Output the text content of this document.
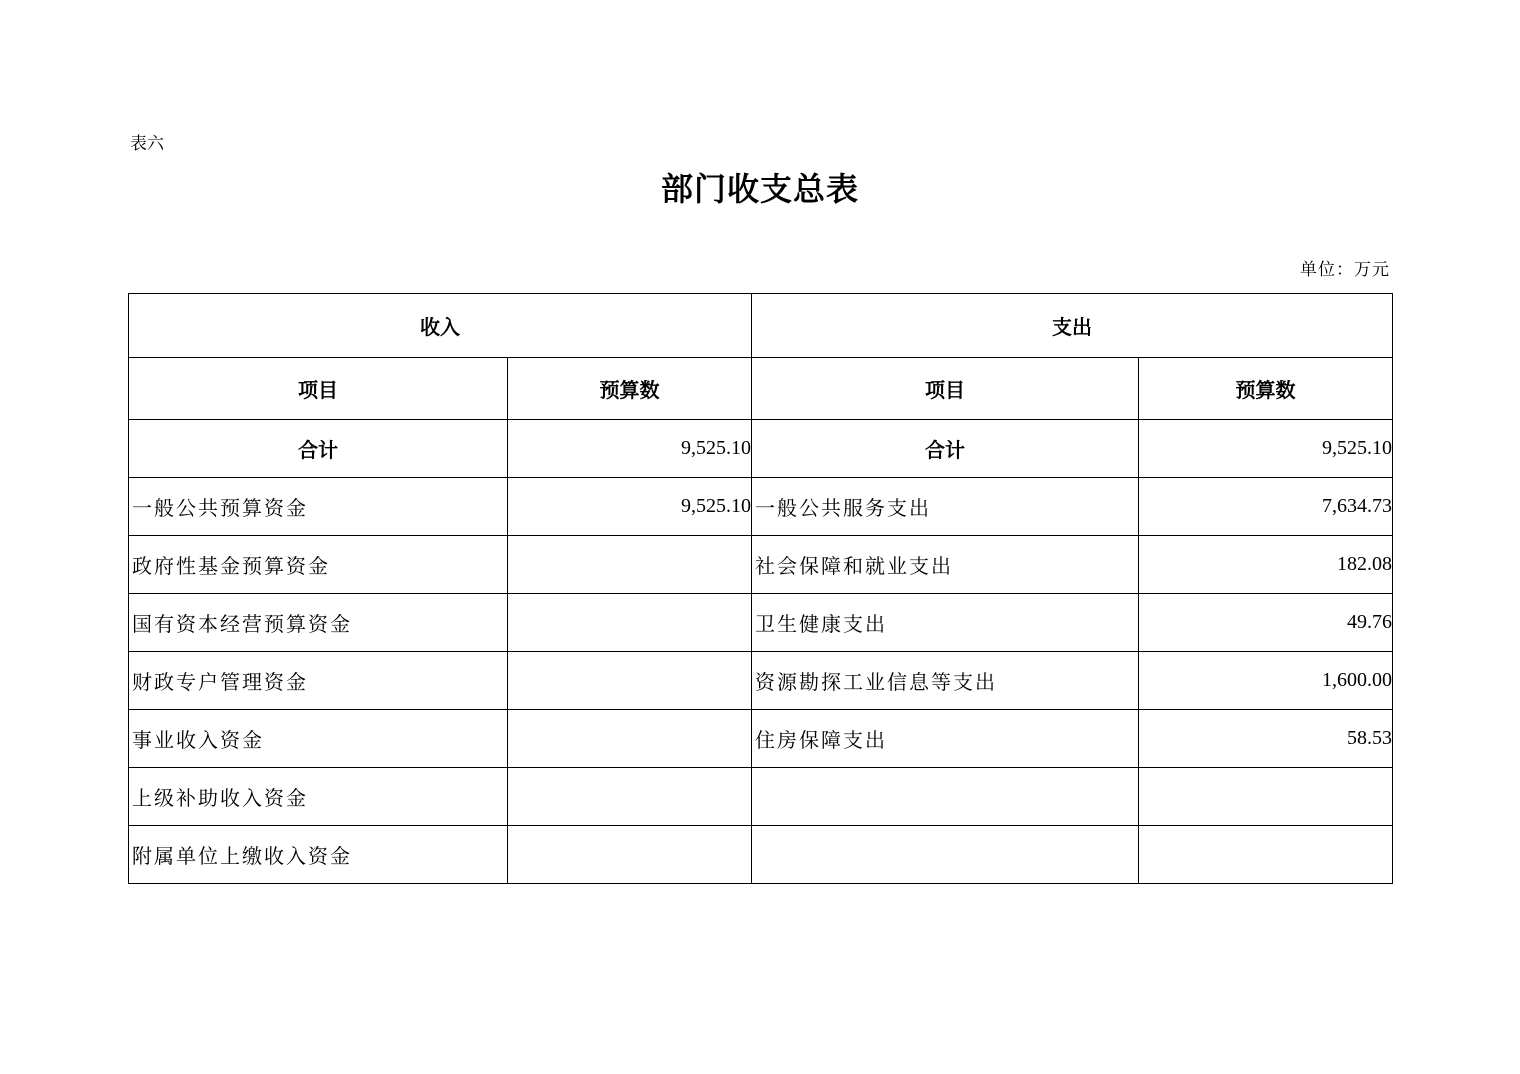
表六
部门收支总表
单位：万元
收入		支出	
项目	预算数	项目	预算数
合计	9,525.10	合计	9,525.10
一般公共预算资金	9,525.10	一般公共服务支出	7,634.73
政府性基金预算资金		社会保障和就业支出	182.08
国有资本经营预算资金		卫生健康支出	49.76
财政专户管理资金		资源勘探工业信息等支出	1,600.00
事业收入资金		住房保障支出	58.53
上级补助收入资金			
附属单位上缴收入资金			
